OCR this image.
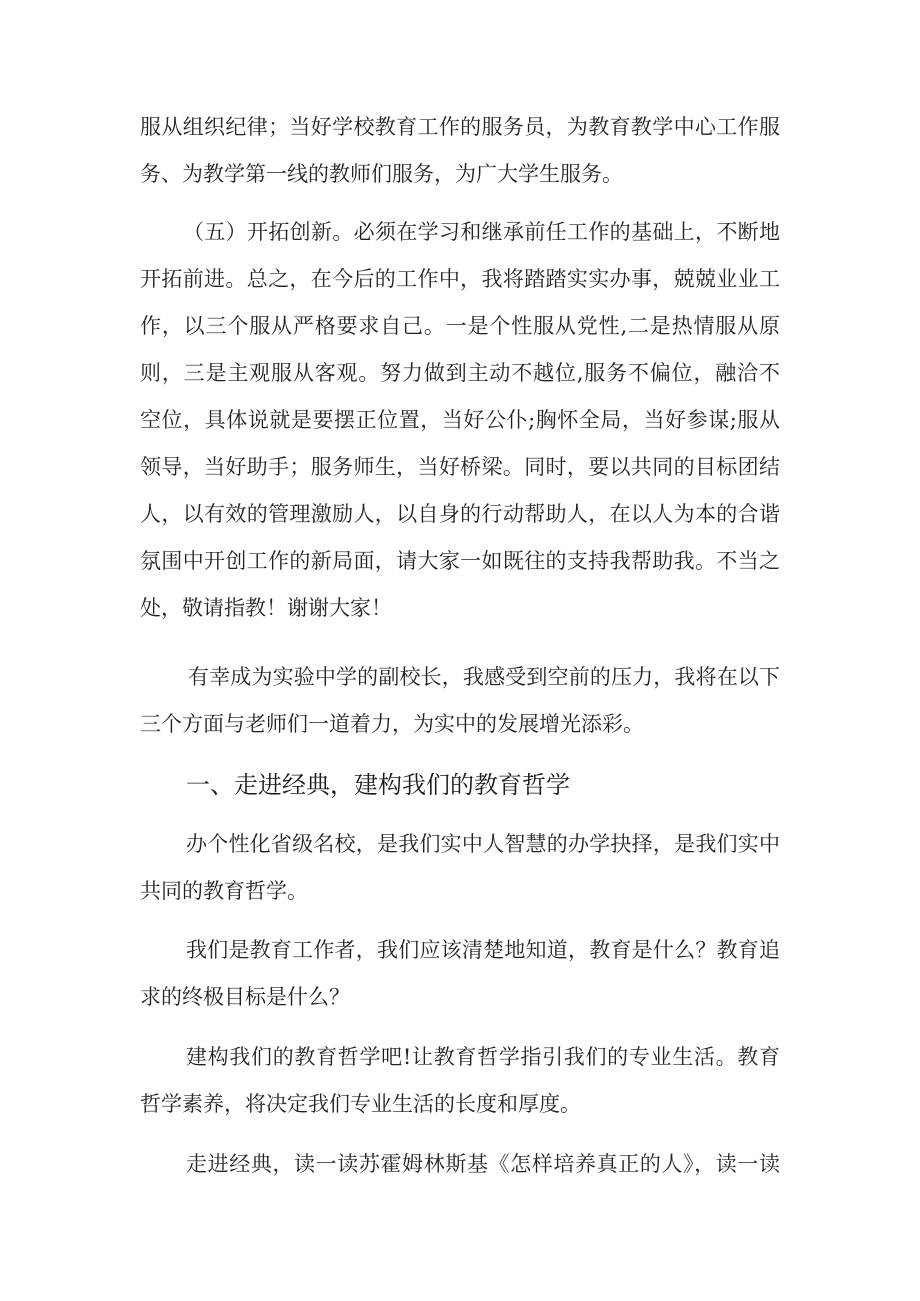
服从组织纪律；当好学校教育工作的服务员，为教育教学中心工作服
务、为教学第一线的教师们服务，为广大学生服务。
（五）开拓创新。必须在学习和继承前任工作的基础上，不断地
开拓前进。总之，在今后的工作中，我将踏踏实实办事，兢兢业业工
作，以三个服从严格要求自己。一是个性服从党性,二是热情服从原
则，三是主观服从客观。努力做到主动不越位,服务不偏位，融洽不
空位，具体说就是要摆正位置，当好公仆;胸怀全局，当好参谋;服从
领导，当好助手；服务师生，当好桥梁。同时，要以共同的目标团结
人，以有效的管理激励人，以自身的行动帮助人，在以人为本的合谐
氛围中开创工作的新局面，请大家一如既往的支持我帮助我。不当之
处，敬请指教！谢谢大家！
有幸成为实验中学的副校长，我感受到空前的压力，我将在以下
三个方面与老师们一道着力，为实中的发展增光添彩。
一、走进经典，建构我们的教育哲学
办个性化省级名校，是我们实中人智慧的办学抉择，是我们实中
共同的教育哲学。
我们是教育工作者，我们应该清楚地知道，教育是什么？教育追
求的终极目标是什么？
建构我们的教育哲学吧!让教育哲学指引我们的专业生活。教育
哲学素养，将决定我们专业生活的长度和厚度。
走进经典，读一读苏霍姆林斯基《怎样培养真正的人》，读一读
